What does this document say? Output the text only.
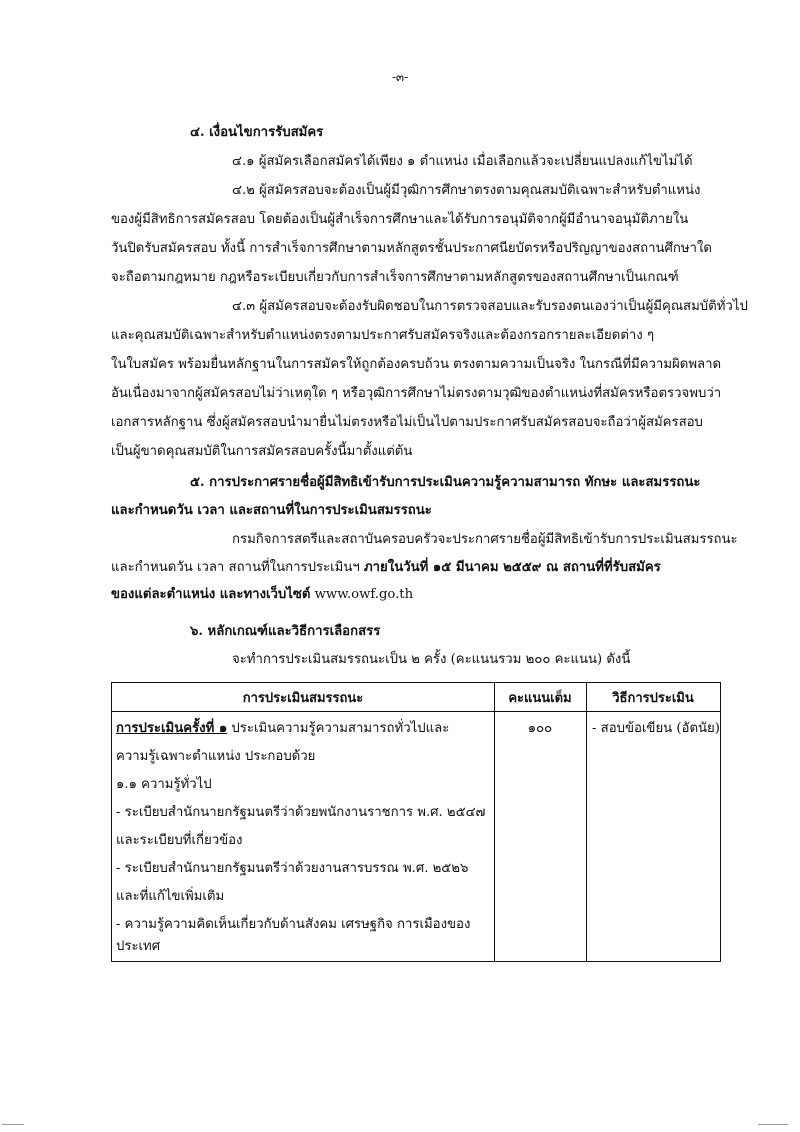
-๓-
๔. เงื่อนไขการรับสมัคร
๔.๑ ผู้สมัครเลือกสมัครได้เพียง ๑ ตำแหน่ง เมื่อเลือกแล้วจะเปลี่ยนแปลงแก้ไขไม่ได้
๔.๒ ผู้สมัครสอบจะต้องเป็นผู้มีวุฒิการศึกษาตรงตามคุณสมบัติเฉพาะสำหรับตำแหน่ง
ของผู้มีสิทธิการสมัครสอบ โดยต้องเป็นผู้สำเร็จการศึกษาและได้รับการอนุมัติจากผู้มีอำนาจอนุมัติภายใน
วันปิดรับสมัครสอบ ทั้งนี้ การสำเร็จการศึกษาตามหลักสูตรชั้นประกาศนียบัตรหรือปริญญาของสถานศึกษาใด
จะถือตามกฎหมาย กฎหรือระเบียบเกี่ยวกับการสำเร็จการศึกษาตามหลักสูตรของสถานศึกษาเป็นเกณฑ์
๔.๓ ผู้สมัครสอบจะต้องรับผิดชอบในการตรวจสอบและรับรองตนเองว่าเป็นผู้มีคุณสมบัติทั่วไป
และคุณสมบัติเฉพาะสำหรับตำแหน่งตรงตามประกาศรับสมัครจริงและต้องกรอกรายละเอียดต่าง ๆ
ในใบสมัคร พร้อมยื่นหลักฐานในการสมัครให้ถูกต้องครบถ้วน ตรงตามความเป็นจริง ในกรณีที่มีความผิดพลาด
อันเนื่องมาจากผู้สมัครสอบไม่ว่าเหตุใด ๆ หรือวุฒิการศึกษาไม่ตรงตามวุฒิของตำแหน่งที่สมัครหรือตรวจพบว่า
เอกสารหลักฐาน ซึ่งผู้สมัครสอบนำมายื่นไม่ตรงหรือไม่เป็นไปตามประกาศรับสมัครสอบจะถือว่าผู้สมัครสอบ
เป็นผู้ขาดคุณสมบัติในการสมัครสอบครั้งนี้มาตั้งแต่ต้น
๕. การประกาศรายชื่อผู้มีสิทธิเข้ารับการประเมินความรู้ความสามารถ ทักษะ และสมรรถนะ
และกำหนดวัน เวลา และสถานที่ในการประเมินสมรรถนะ
กรมกิจการสตรีและสถาบันครอบครัวจะประกาศรายชื่อผู้มีสิทธิเข้ารับการประเมินสมรรถนะ
และกำหนดวัน เวลา สถานที่ในการประเมินฯ ภายในวันที่ ๑๕ มีนาคม ๒๕๕๙ ณ สถานที่ที่รับสมัคร
ของแต่ละตำแหน่ง และทางเว็บไซต์ www.owf.go.th
๖. หลักเกณฑ์และวิธีการเลือกสรร
จะทำการประเมินสมรรถนะเป็น ๒ ครั้ง (คะแนนรวม ๒๐๐ คะแนน) ดังนี้
การประเมินสมรรถนะ	คะแนนเต็ม	วิธีการประเมิน
การประเมินครั้งที่ ๑ ประเมินความรู้ความสามารถทั่วไปและ
ความรู้เฉพาะตำแหน่ง ประกอบด้วย
๑.๑ ความรู้ทั่วไป
- ระเบียบสำนักนายกรัฐมนตรีว่าด้วยพนักงานราชการ พ.ศ. ๒๕๔๗
และระเบียบที่เกี่ยวข้อง
- ระเบียบสำนักนายกรัฐมนตรีว่าด้วยงานสารบรรณ พ.ศ. ๒๕๒๖
และที่แก้ไขเพิ่มเติม
- ความรู้ความคิดเห็นเกี่ยวกับด้านสังคม เศรษฐกิจ การเมืองของ
ประเทศ
๑๐๐	- สอบข้อเขียน (อัตนัย)
